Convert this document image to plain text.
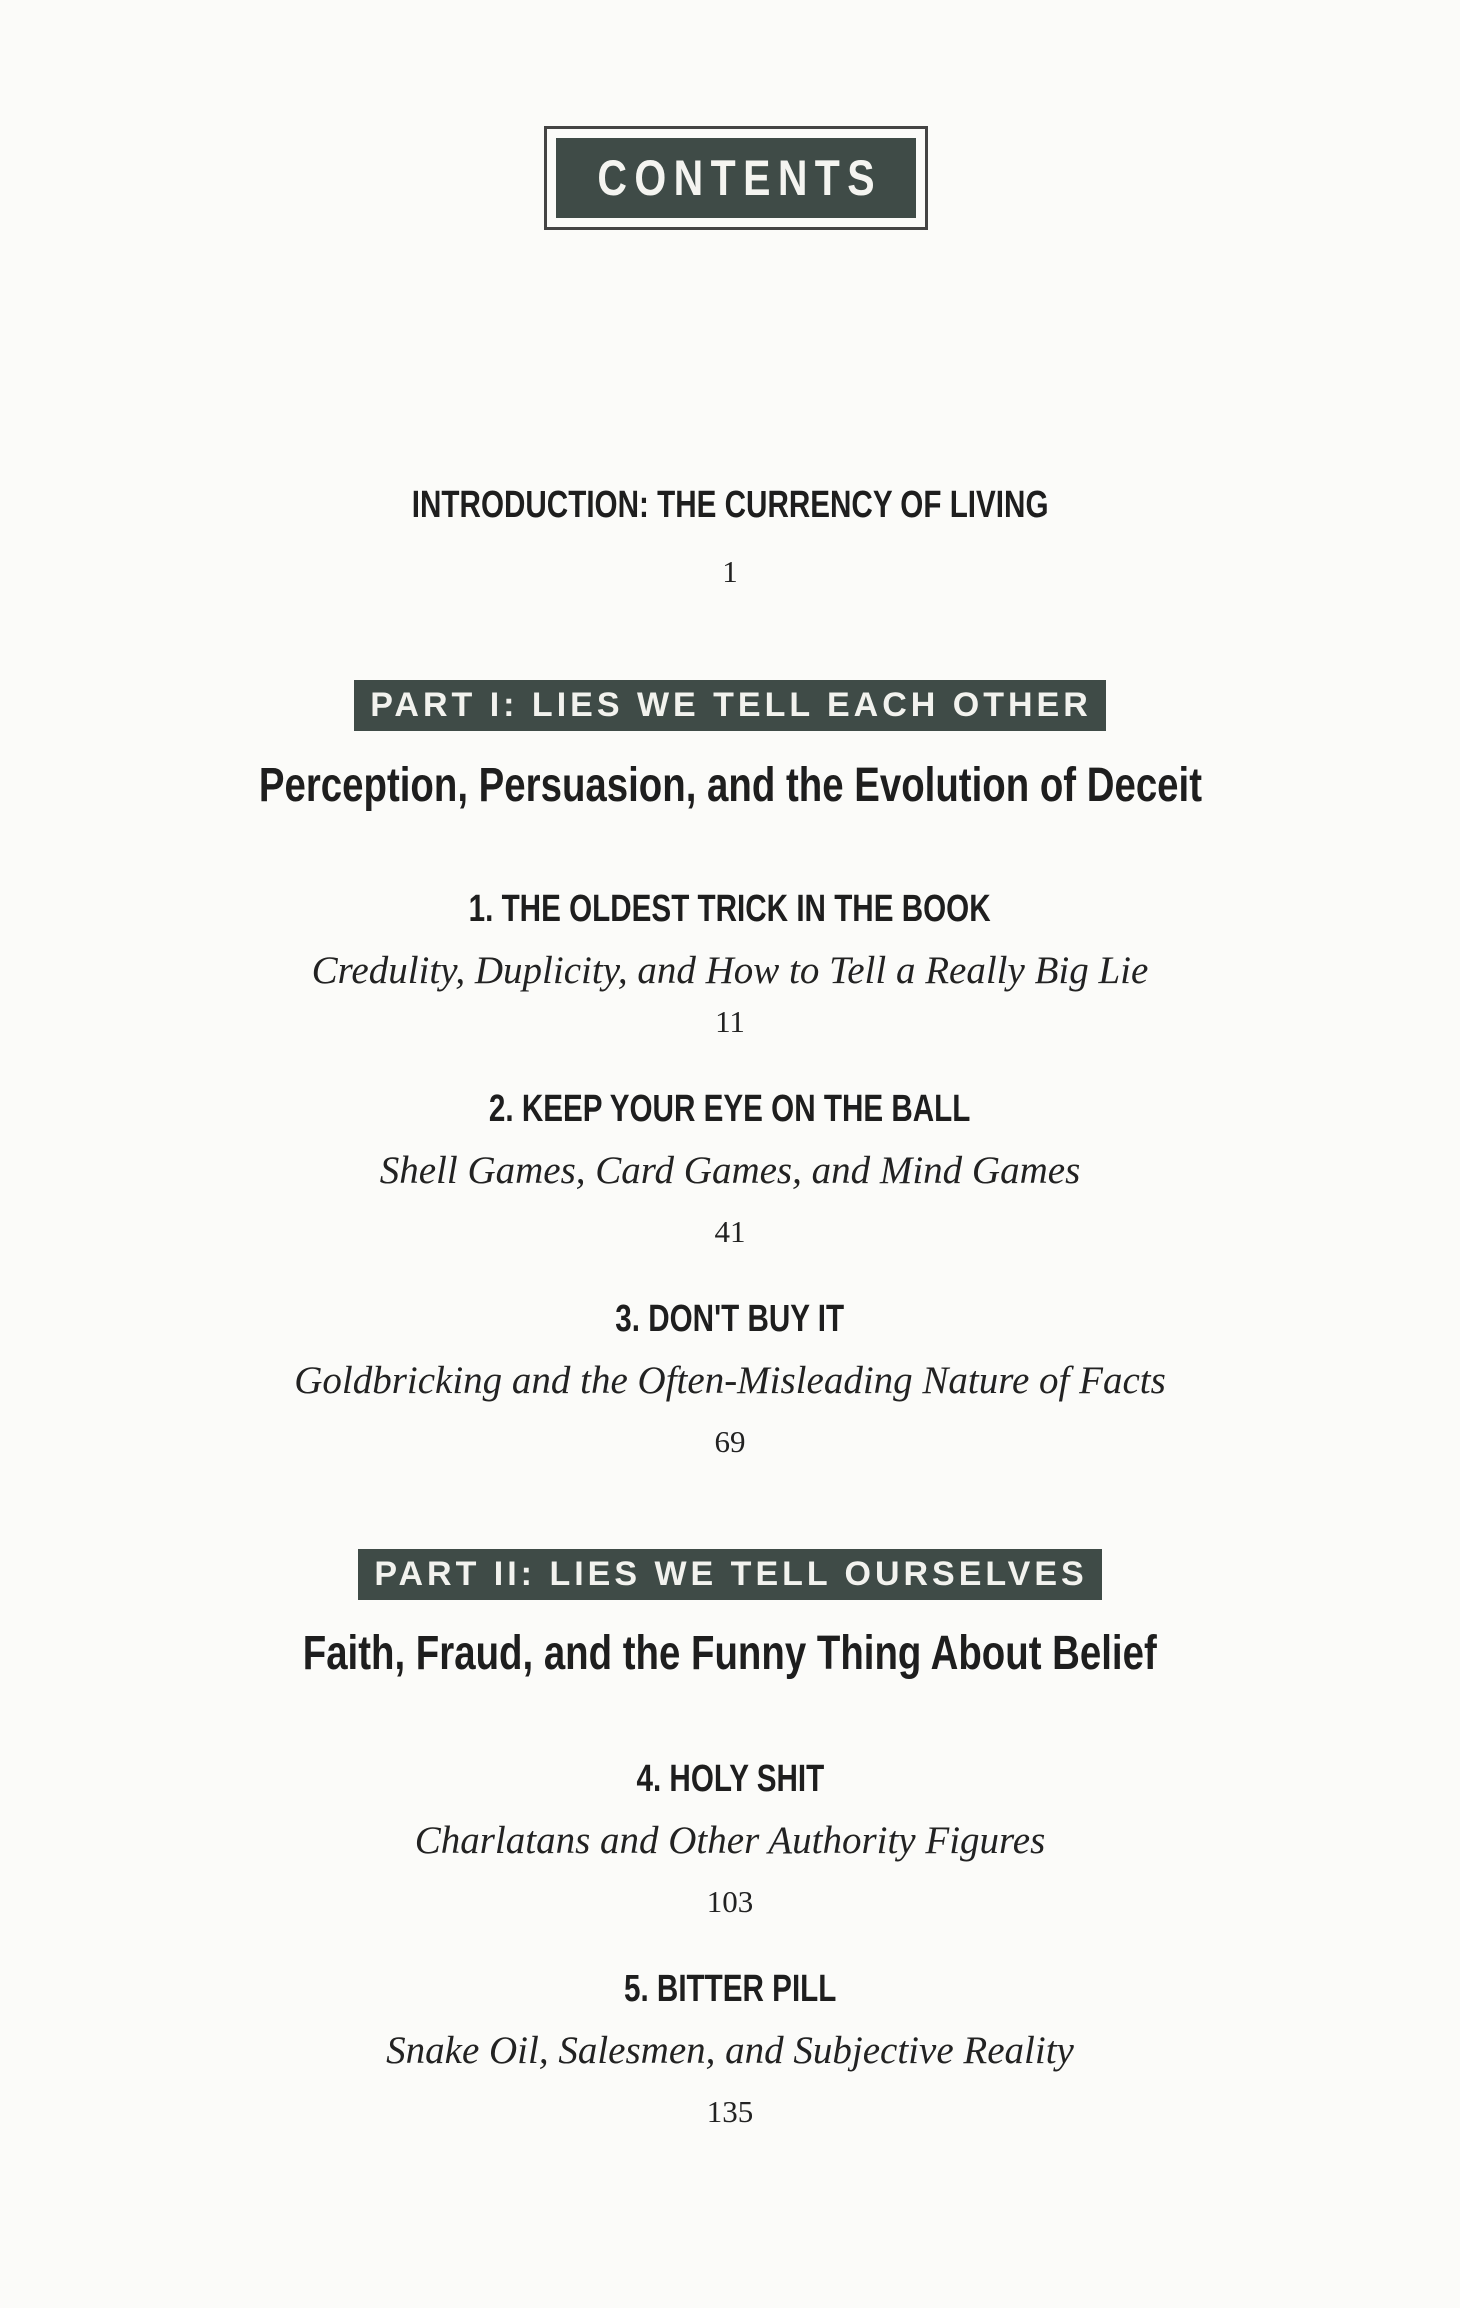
CONTENTS
INTRODUCTION: THE CURRENCY OF LIVING
1
PART I: LIES WE TELL EACH OTHER
Perception, Persuasion, and the Evolution of Deceit
1. THE OLDEST TRICK IN THE BOOK
Credulity, Duplicity, and How to Tell a Really Big Lie
11
2. KEEP YOUR EYE ON THE BALL
Shell Games, Card Games, and Mind Games
41
3. DON'T BUY IT
Goldbricking and the Often-Misleading Nature of Facts
69
PART II: LIES WE TELL OURSELVES
Faith, Fraud, and the Funny Thing About Belief
4. HOLY SHIT
Charlatans and Other Authority Figures
103
5. BITTER PILL
Snake Oil, Salesmen, and Subjective Reality
135
